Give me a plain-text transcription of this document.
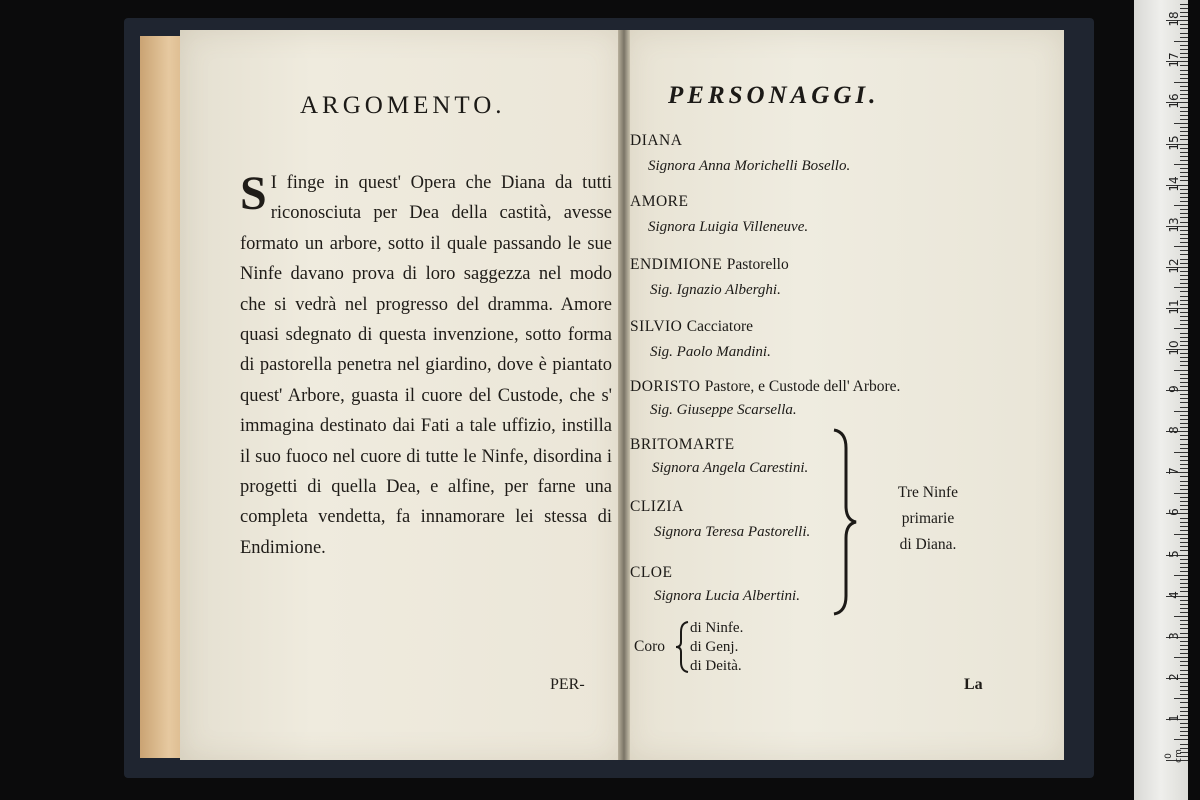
ARGOMENTO.
S I finge in quest' Opera che Diana da tutti riconosciuta per Dea della castità, avesse formato un arbore, sotto il quale passando le sue Ninfe davano prova di loro saggezza nel modo che si vedrà nel progresso del dramma. Amore quasi sdegnato di questa invenzione, sotto forma di pastorella penetra nel giardino, dove è piantato quest' Arbore, guasta il cuore del Custode, che s' immagina destinato dai Fati a tale uffizio, instilla il suo fuoco nel cuore di tutte le Ninfe, disordina i progetti di quella Dea, e alfine, per farne una completa vendetta, fa innamorare lei stessa di Endimione.
PER-
PERSONAGGI.
DIANA
Signora Anna Morichelli Bosello.
AMORE
Signora Luigia Villeneuve.
ENDIMIONE Pastorello
Sig. Ignazio Alberghi.
SILVIO Cacciatore
Sig. Paolo Mandini.
DORISTO Pastore, e Custode dell' Arbore.
Sig. Giuseppe Scarsella.
BRITOMARTE
Signora Angela Carestini.
CLIZIA
Signora Teresa Pastorelli.
CLOE
Signora Lucia Albertini.
Tre Ninfe
primarie
di Diana.
Coro
di Ninfe.
di Genj.
di Deità.
La
0 cm
1
2
3
4
5
6
7
8
9
10
11
12
13
14
15
16
17
18
